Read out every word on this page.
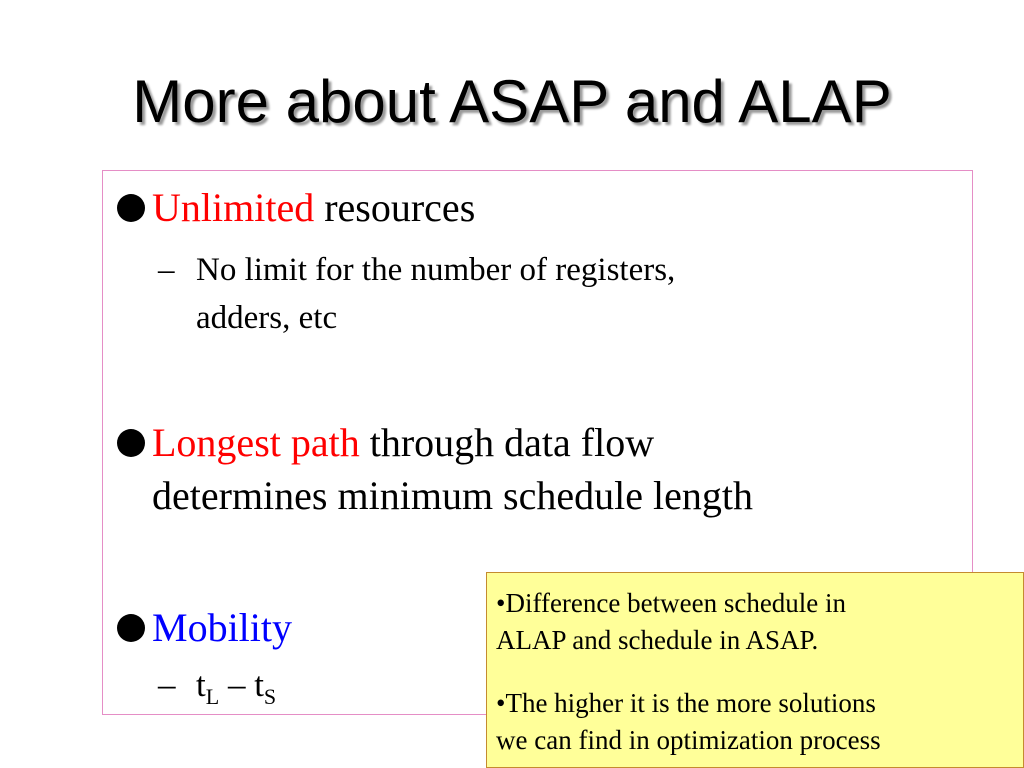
More about ASAP and ALAP
Unlimited resources
– No limit for the number of registers,
adders, etc
Longest path through data flow
determines minimum schedule length
Mobility
– $t_L - t_S$
•Difference between schedule in
ALAP and schedule in ASAP.
•The higher it is the more solutions
we can find in optimization process
